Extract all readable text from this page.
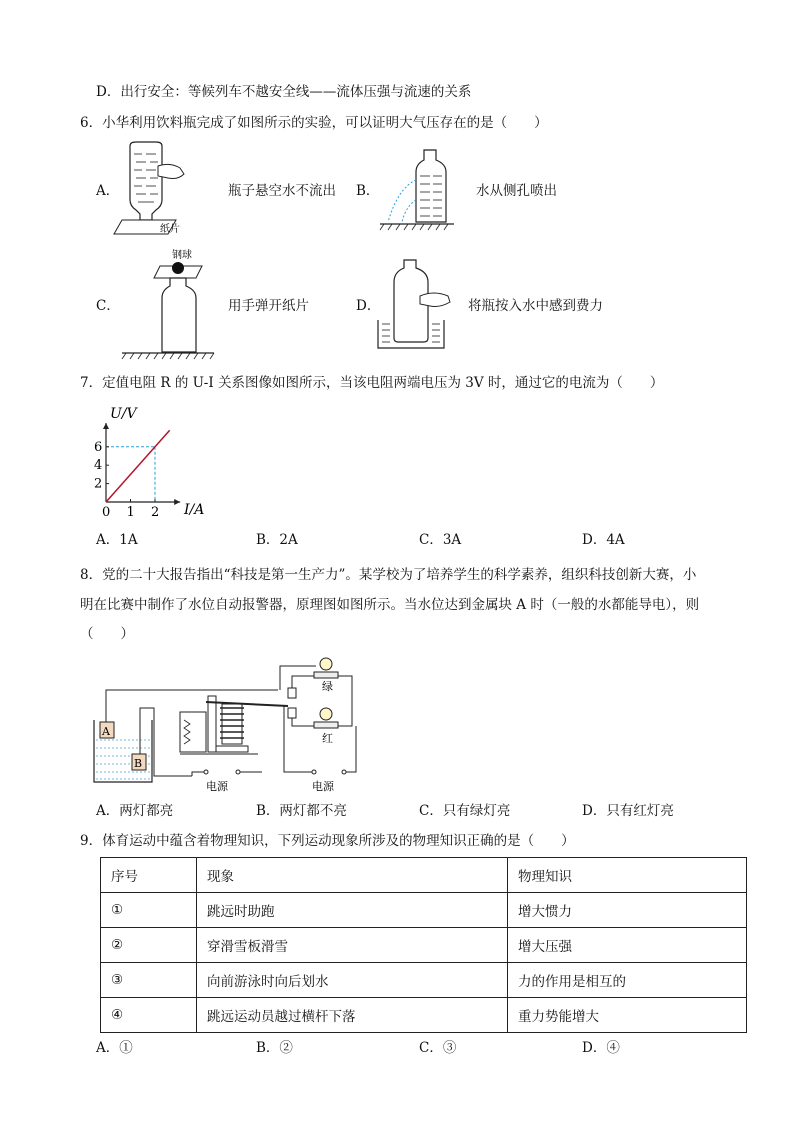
D．出行安全：等候列车不越安全线——流体压强与流速的关系
6．小华利用饮料瓶完成了如图所示的实验，可以证明大气压存在的是（　　）
A．
纸片
瓶子悬空水不流出 B．	水从侧孔喷出
C．
钢球
用手弹开纸片	D．	将瓶按入水中感到费力
7．定值电阻 R 的 U-I 关系图像如图所示，当该电阻两端电压为 3V 时，通过它的电流为（　　）
0 1 2
2
4
6
U/V
I/A
A．1A	B．2A	C．3A	D．4A
8．党的二十大报告指出“科技是第一生产力”。某学校为了培养学生的科学素养，组织科技创新大赛，小
明在比赛中制作了水位自动报警器，原理图如图所示。当水位达到金属块 A 时（一般的水都能导电），则
（　　）
A
B
电源
绿
红
电源
A．两灯都亮	B．两灯都不亮	C．只有绿灯亮	D．只有红灯亮
9．体育运动中蕴含着物理知识，下列运动现象所涉及的物理知识正确的是（　　）
序号	现象	物理知识
①	跳远时助跑	增大惯力
②	穿滑雪板滑雪	增大压强
③	向前游泳时向后划水	力的作用是相互的
④	跳远运动员越过横杆下落	重力势能增大
A．①	B．②	C．③	D．④
